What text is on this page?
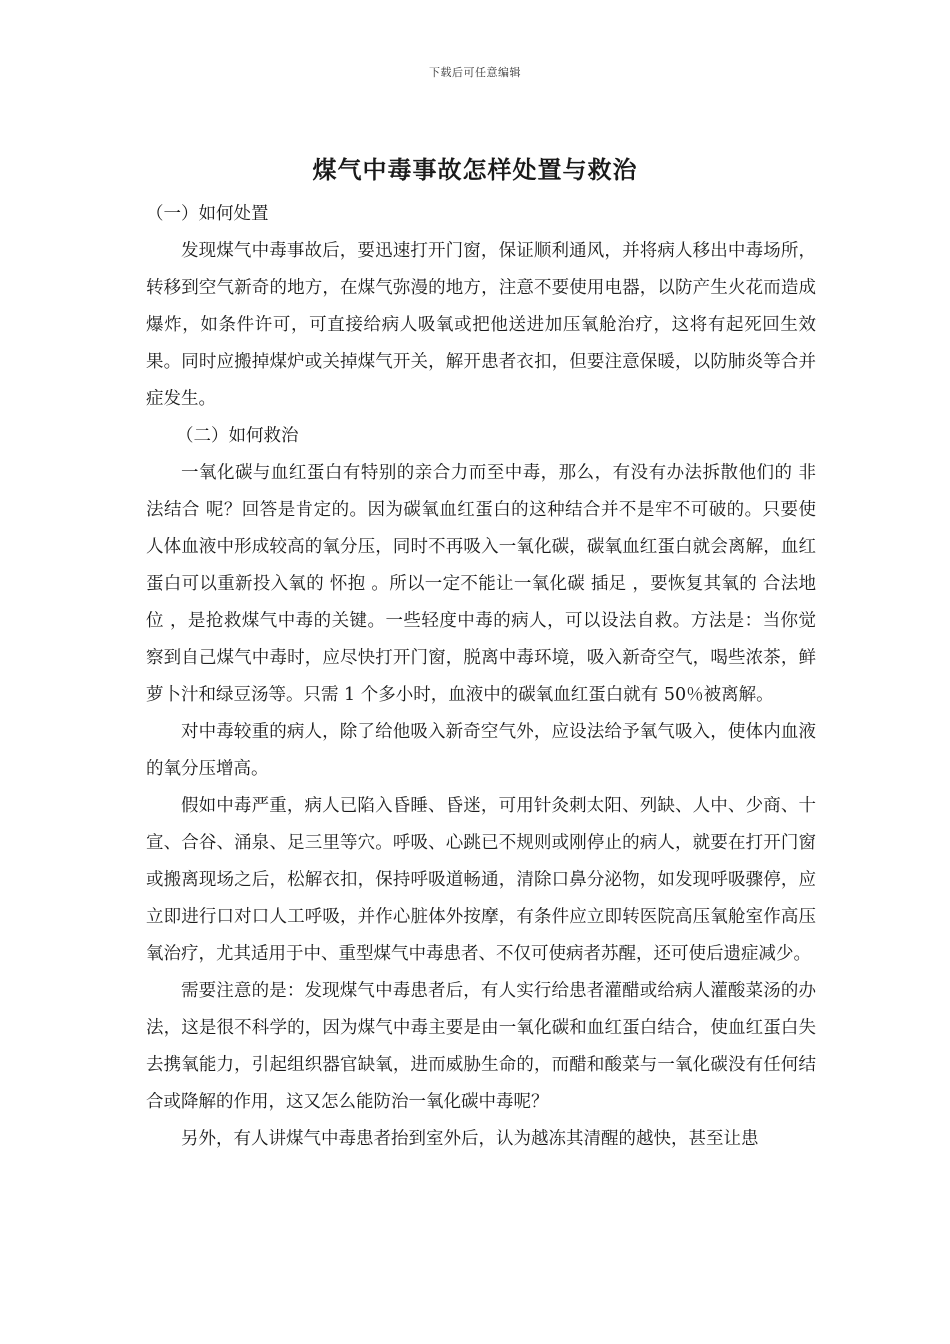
下载后可任意编辑
煤气中毒事故怎样处置与救治
（一）如何处置

发现煤气中毒事故后，要迅速打开门窗，保证顺利通风，并将病人移出中毒场所，转移到空气新奇的地方，在煤气弥漫的地方，注意不要使用电器，以防产生火花而造成爆炸，如条件许可，可直接给病人吸氧或把他送进加压氧舱治疗，这将有起死回生效果。同时应搬掉煤炉或关掉煤气开关，解开患者衣扣，但要注意保暖，以防肺炎等合并症发生。

（二）如何救治

一氧化碳与血红蛋白有特别的亲合力而至中毒，那么，有没有办法拆散他们的 非法结合 呢？回答是肯定的。因为碳氧血红蛋白的这种结合并不是牢不可破的。只要使人体血液中形成较高的氧分压，同时不再吸入一氧化碳，碳氧血红蛋白就会离解，血红蛋白可以重新投入氧的 怀抱 。所以一定不能让一氧化碳 插足 ，要恢复其氧的 合法地位 ，是抢救煤气中毒的关键。一些轻度中毒的病人，可以设法自救。方法是：当你觉察到自己煤气中毒时，应尽快打开门窗，脱离中毒环境，吸入新奇空气，喝些浓茶，鲜萝卜汁和绿豆汤等。只需 1 个多小时，血液中的碳氧血红蛋白就有 50％被离解。

对中毒较重的病人，除了给他吸入新奇空气外，应设法给予氧气吸入，使体内血液的氧分压增高。

假如中毒严重，病人已陷入昏睡、昏迷，可用针灸刺太阳、列缺、人中、少商、十宣、合谷、涌泉、足三里等穴。呼吸、心跳已不规则或刚停止的病人，就要在打开门窗或搬离现场之后，松解衣扣，保持呼吸道畅通，清除口鼻分泌物，如发现呼吸骤停，应立即进行口对口人工呼吸，并作心脏体外按摩，有条件应立即转医院高压氧舱室作高压氧治疗，尤其适用于中、重型煤气中毒患者、不仅可使病者苏醒，还可使后遗症减少。

需要注意的是：发现煤气中毒患者后，有人实行给患者灌醋或给病人灌酸菜汤的办法，这是很不科学的，因为煤气中毒主要是由一氧化碳和血红蛋白结合，使血红蛋白失去携氧能力，引起组织器官缺氧，进而威胁生命的，而醋和酸菜与一氧化碳没有任何结合或降解的作用，这又怎么能防治一氧化碳中毒呢？

另外，有人讲煤气中毒患者抬到室外后，认为越冻其清醒的越快，甚至让患
